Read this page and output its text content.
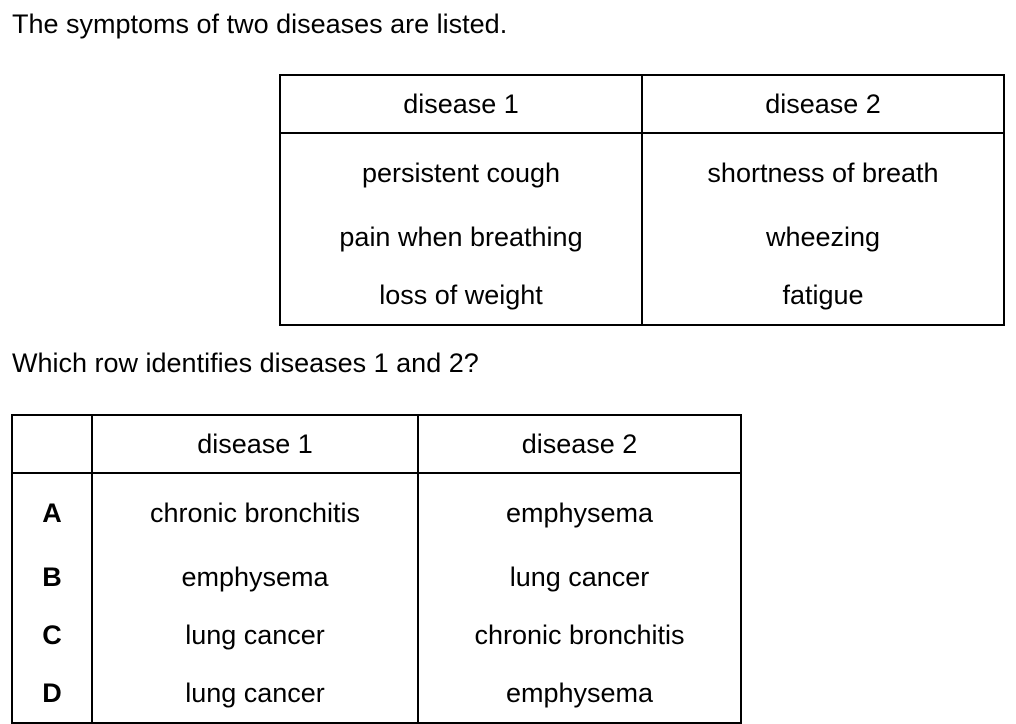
The symptoms of two diseases are listed.
disease 1	disease 2
persistent cough	shortness of breath
pain when breathing	wheezing
loss of weight	fatigue
Which row identifies diseases 1 and 2?
	disease 1	disease 2
A	chronic bronchitis	emphysema
B	emphysema	lung cancer
C	lung cancer	chronic bronchitis
D	lung cancer	emphysema
